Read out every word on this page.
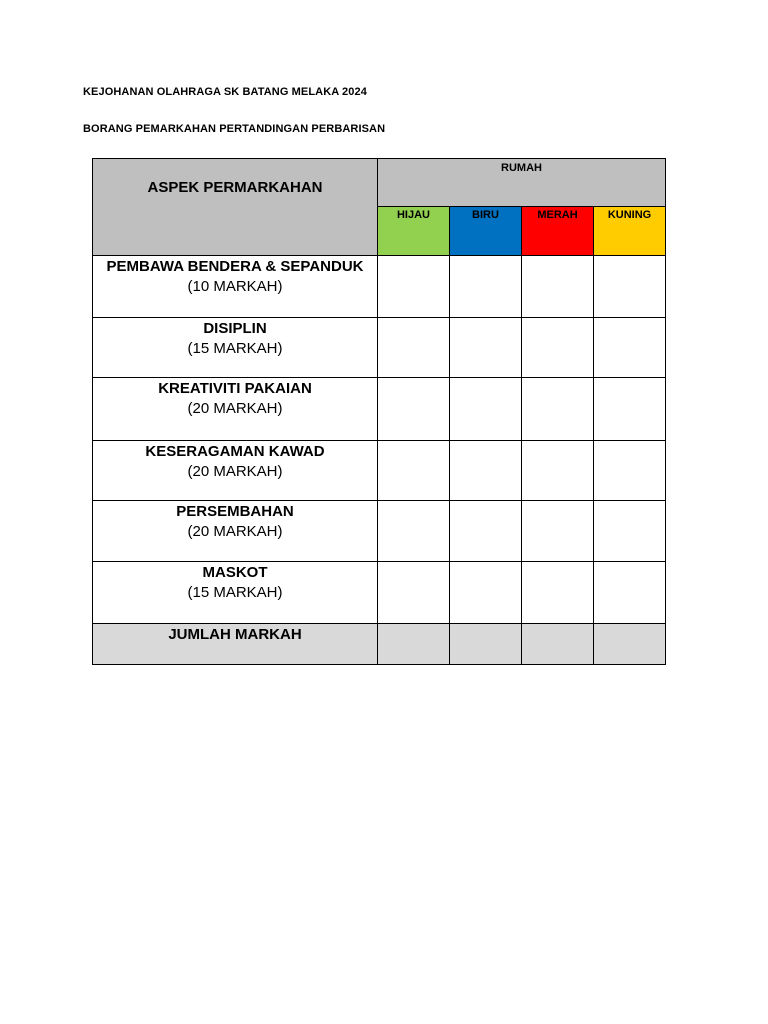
KEJOHANAN OLAHRAGA SK BATANG MELAKA 2024
BORANG PEMARKAHAN PERTANDINGAN PERBARISAN
ASPEK PERMARKAHAN	RUMAH			

	HIJAU	BIRU	MERAH	KUNING

PEMBAWA BENDERA & SEPANDUK
(10 MARKAH)				

DISIPLIN
(15 MARKAH)				

KREATIVITI PAKAIAN
(20 MARKAH)				

KESERAGAMAN KAWAD
(20 MARKAH)				

PERSEMBAHAN
(20 MARKAH)				

MASKOT
(15 MARKAH)				

JUMLAH MARKAH				
